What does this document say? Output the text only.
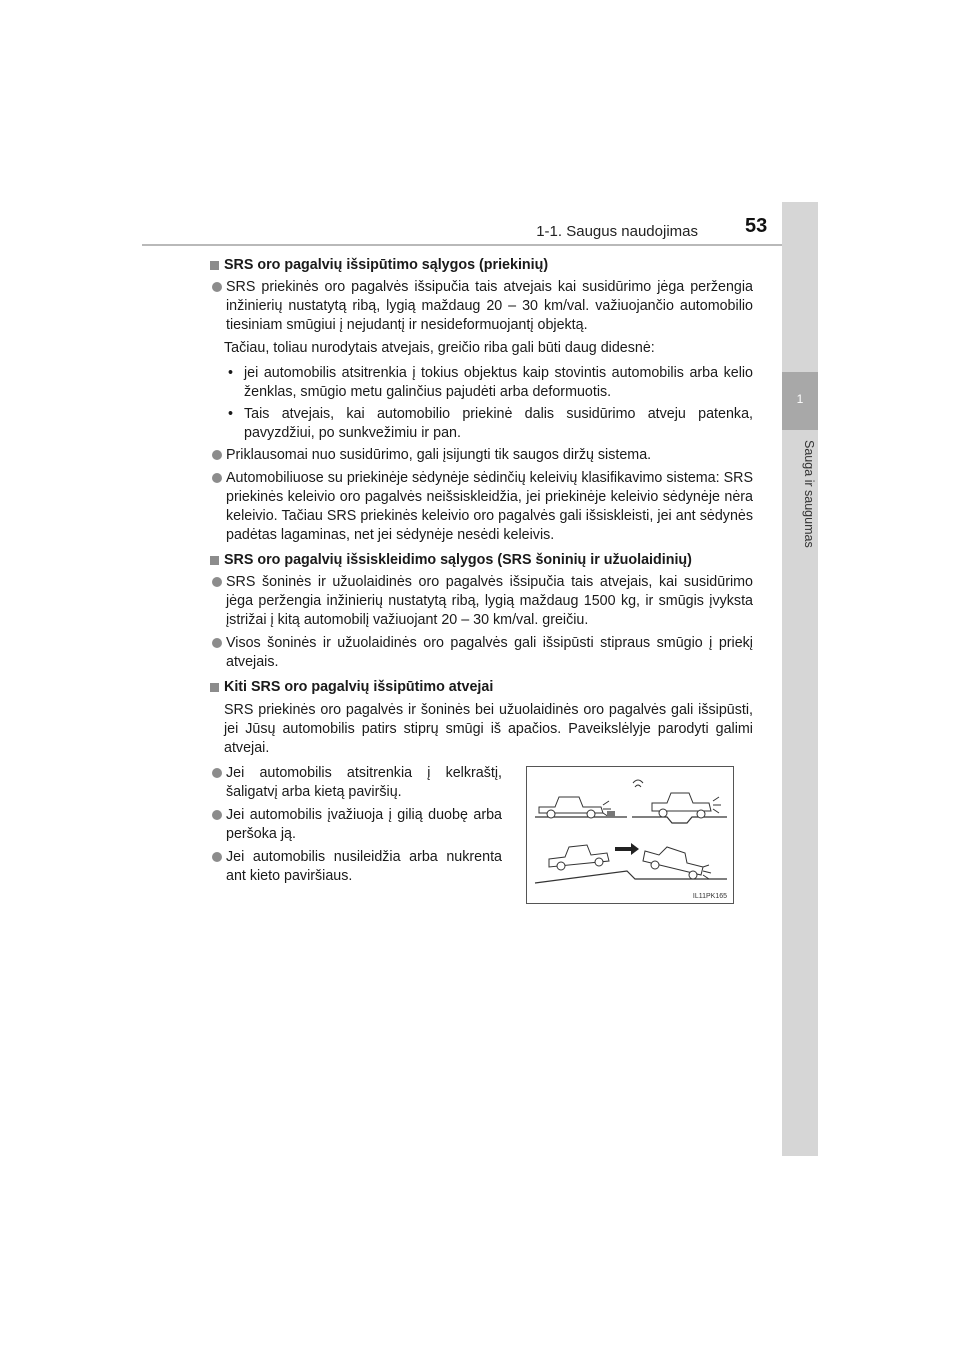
1-1. Saugus naudojimas 53
1
Sauga ir saugumas
SRS oro pagalvių išsipūtimo sąlygos (priekinių)
SRS priekinės oro pagalvės išsipučia tais atvejais kai susidūrimo jėga peržengia inžinierių nustatytą ribą, lygią maždaug 20 – 30 km/val. važiuojančio automobilio tiesiniam smūgiui į nejudantį ir nesideformuojantį objektą.
Tačiau, toliau nurodytais atvejais, greičio riba gali būti daug didesnė:
• jei automobilis atsitrenkia į tokius objektus kaip stovintis automobilis arba kelio ženklas, smūgio metu galinčius pajudėti arba deformuotis.
• Tais atvejais, kai automobilio priekinė dalis susidūrimo atveju patenka, pavyzdžiui, po sunkvežimiu ir pan.
Priklausomai nuo susidūrimo, gali įsijungti tik saugos diržų sistema.
Automobiliuose su priekinėje sėdynėje sėdinčių keleivių klasifikavimo sistema: SRS priekinės keleivio oro pagalvės neišsiskleidžia, jei priekinėje keleivio sėdynėje nėra keleivio. Tačiau SRS priekinės keleivio oro pagalvės gali išsiskleisti, jei ant sėdynės padėtas lagaminas, net jei sėdynėje nesėdi keleivis.
SRS oro pagalvių išsiskleidimo sąlygos (SRS šoninių ir užuolaidinių)
SRS šoninės ir užuolaidinės oro pagalvės išsipučia tais atvejais, kai susidūrimo jėga peržengia inžinierių nustatytą ribą, lygią maždaug 1500 kg, ir smūgis įvyksta įstrižai į kitą automobilį važiuojant 20 – 30 km/val. greičiu.
Visos šoninės ir užuolaidinės oro pagalvės gali išsipūsti stipraus smūgio į priekį atvejais.
Kiti SRS oro pagalvių išsipūtimo atvejai
SRS priekinės oro pagalvės ir šoninės bei užuolaidinės oro pagalvės gali išsipūsti, jei Jūsų automobilis patirs stiprų smūgi iš apačios. Paveikslėlyje parodyti galimi atvejai.
Jei automobilis atsitrenkia į kelkraštį, šaligatvį arba kietą paviršių.
Jei automobilis įvažiuoja į gilią duobę arba peršoka ją.
Jei automobilis nusileidžia arba nukrenta ant kieto paviršiaus.
IL11PK165
